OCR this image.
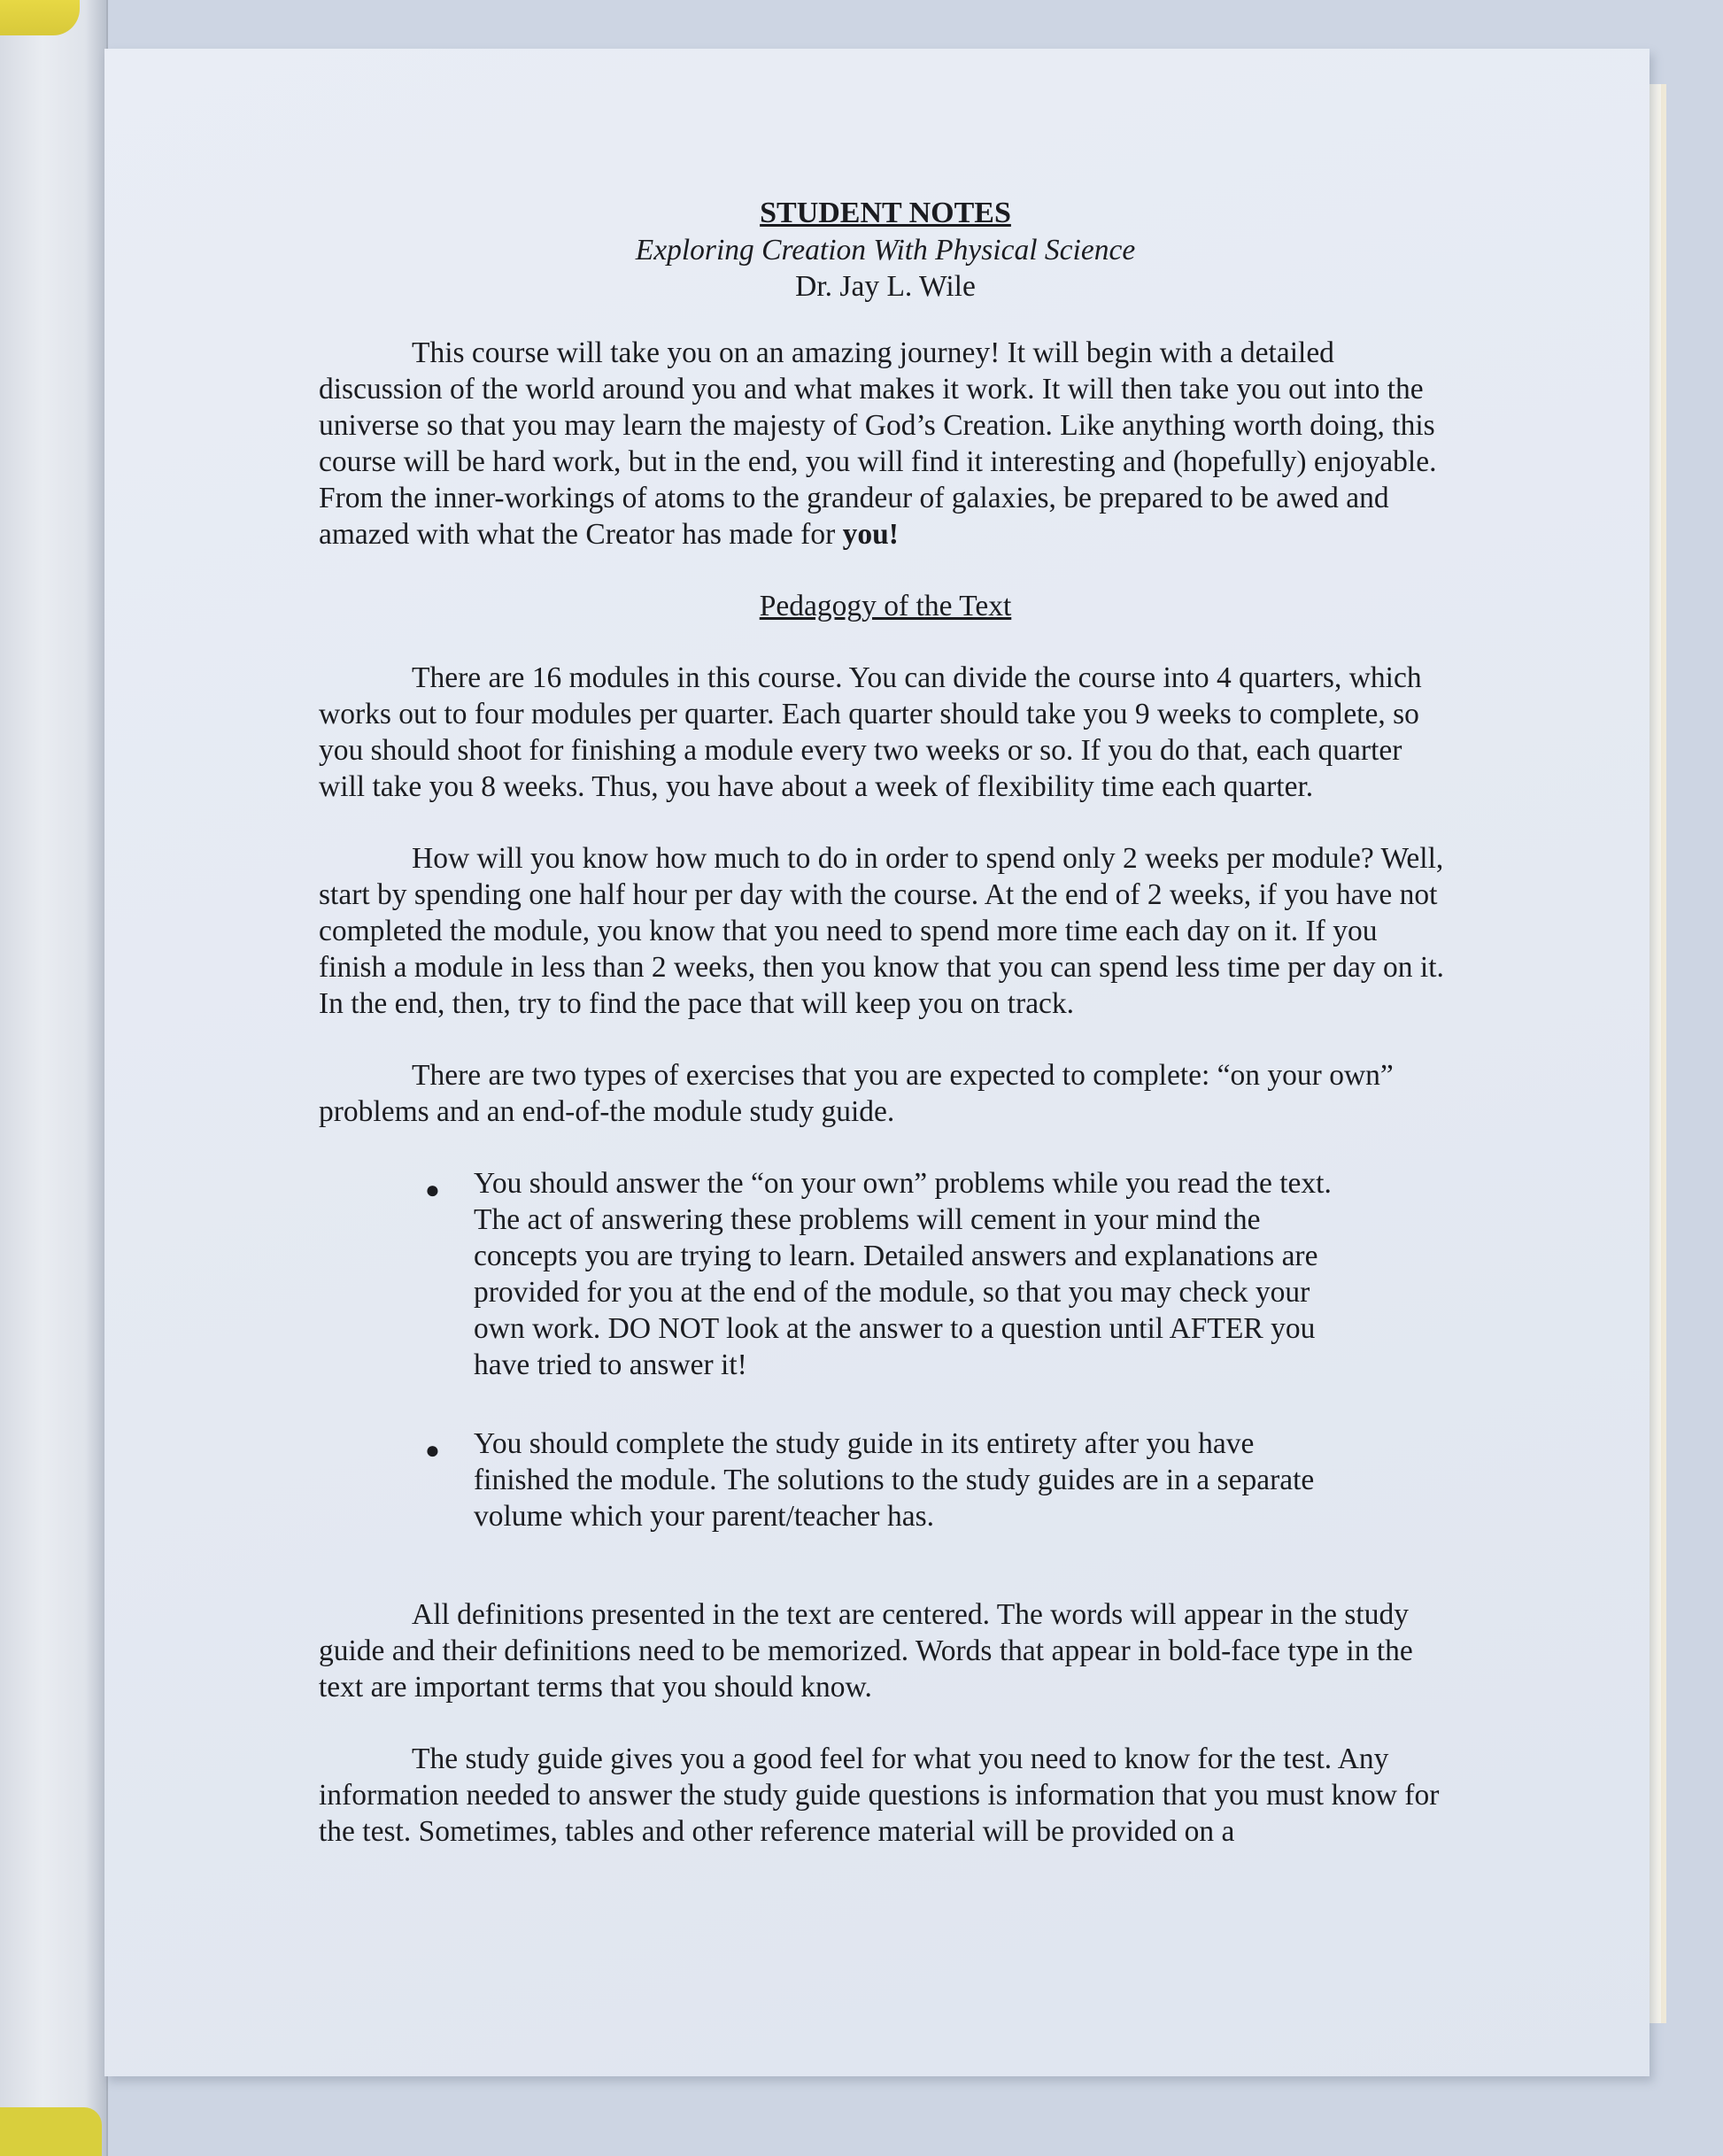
STUDENT NOTES

Exploring Creation With Physical Science

Dr. Jay L. Wile

This course will take you on an amazing journey! It will begin with a detailed discussion of the world around you and what makes it work. It will then take you out into the universe so that you may learn the majesty of God’s Creation. Like anything worth doing, this course will be hard work, but in the end, you will find it interesting and (hopefully) enjoyable. From the inner-workings of atoms to the grandeur of galaxies, be prepared to be awed and amazed with what the Creator has made for you!

Pedagogy of the Text

There are 16 modules in this course. You can divide the course into 4 quarters, which works out to four modules per quarter. Each quarter should take you 9 weeks to complete, so you should shoot for finishing a module every two weeks or so. If you do that, each quarter will take you 8 weeks. Thus, you have about a week of flexibility time each quarter.

How will you know how much to do in order to spend only 2 weeks per module? Well, start by spending one half hour per day with the course. At the end of 2 weeks, if you have not completed the module, you know that you need to spend more time each day on it. If you finish a module in less than 2 weeks, then you know that you can spend less time per day on it. In the end, then, try to find the pace that will keep you on track.

There are two types of exercises that you are expected to complete: “on your own” problems and an end-of-the module study guide.

● You should answer the “on your own” problems while you read the text. The act of answering these problems will cement in your mind the concepts you are trying to learn. Detailed answers and explanations are provided for you at the end of the module, so that you may check your own work. DO NOT look at the answer to a question until AFTER you have tried to answer it!
● You should complete the study guide in its entirety after you have finished the module. The solutions to the study guides are in a separate volume which your parent/teacher has.

All definitions presented in the text are centered. The words will appear in the study guide and their definitions need to be memorized. Words that appear in bold-face type in the text are important terms that you should know.

The study guide gives you a good feel for what you need to know for the test. Any information needed to answer the study guide questions is information that you must know for the test. Sometimes, tables and other reference material will be provided on a
